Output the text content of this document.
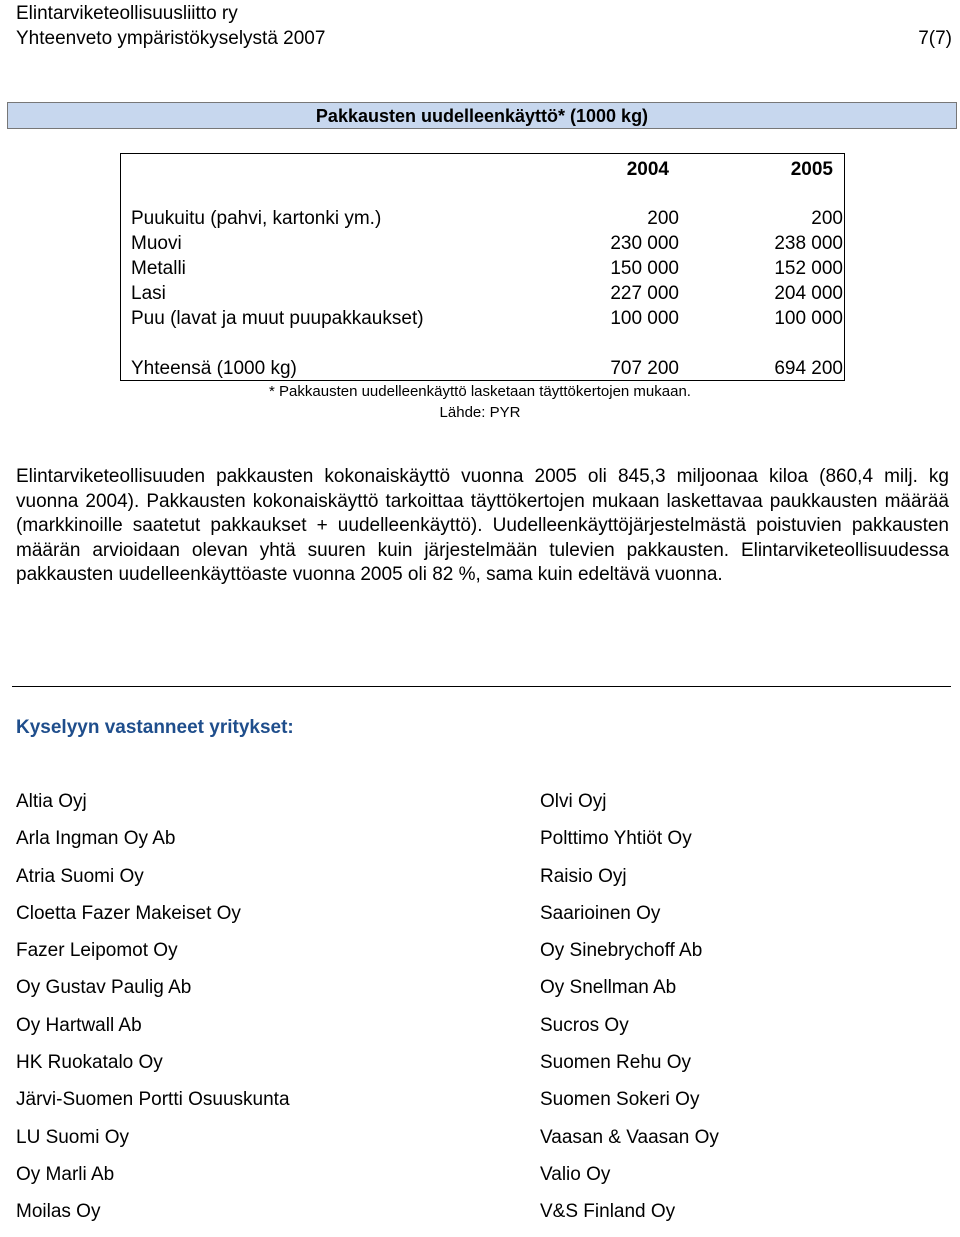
Elintarviketeollisuusliitto ry
Yhteenveto ympäristökyselystä 2007	7(7)
Pakkausten uudelleenkäyttö* (1000 kg)
2004	2005
Puukuitu (pahvi, kartonki ym.)	200	200
Muovi	230 000	238 000
Metalli	150 000	152 000
Lasi	227 000	204 000
Puu (lavat ja muut puupakkaukset)	100 000	100 000
Yhteensä (1000 kg)	707 200	694 200
* Pakkausten uudelleenkäyttö lasketaan täyttökertojen mukaan.
Lähde: PYR
Elintarviketeollisuuden pakkausten kokonaiskäyttö vuonna 2005 oli 845,3 miljoonaa kiloa (860,4 milj. kg vuonna 2004). Pakkausten kokonaiskäyttö tarkoittaa täyttökertojen mukaan laskettavaa paukkausten määrää (markkinoille saatetut pakkaukset + uudelleenkäyttö). Uudelleenkäyttöjärjestelmästä poistuvien pakkausten määrän arvioidaan olevan yhtä suuren kuin järjestelmään tulevien pakkausten. Elintarviketeollisuudessa pakkausten uudelleenkäyttöaste vuonna 2005 oli 82 %, sama kuin edeltävä vuonna.
Kyselyyn vastanneet yritykset:
Altia Oyj
Arla Ingman Oy Ab
Atria Suomi Oy
Cloetta Fazer Makeiset Oy
Fazer Leipomot Oy
Oy Gustav Paulig Ab
Oy Hartwall Ab
HK Ruokatalo Oy
Järvi-Suomen Portti Osuuskunta
LU Suomi Oy
Oy Marli Ab
Moilas Oy
Olvi Oyj
Polttimo Yhtiöt Oy
Raisio Oyj
Saarioinen Oy
Oy Sinebrychoff Ab
Oy Snellman Ab
Sucros Oy
Suomen Rehu Oy
Suomen Sokeri Oy
Vaasan & Vaasan Oy
Valio Oy
V&S Finland Oy
